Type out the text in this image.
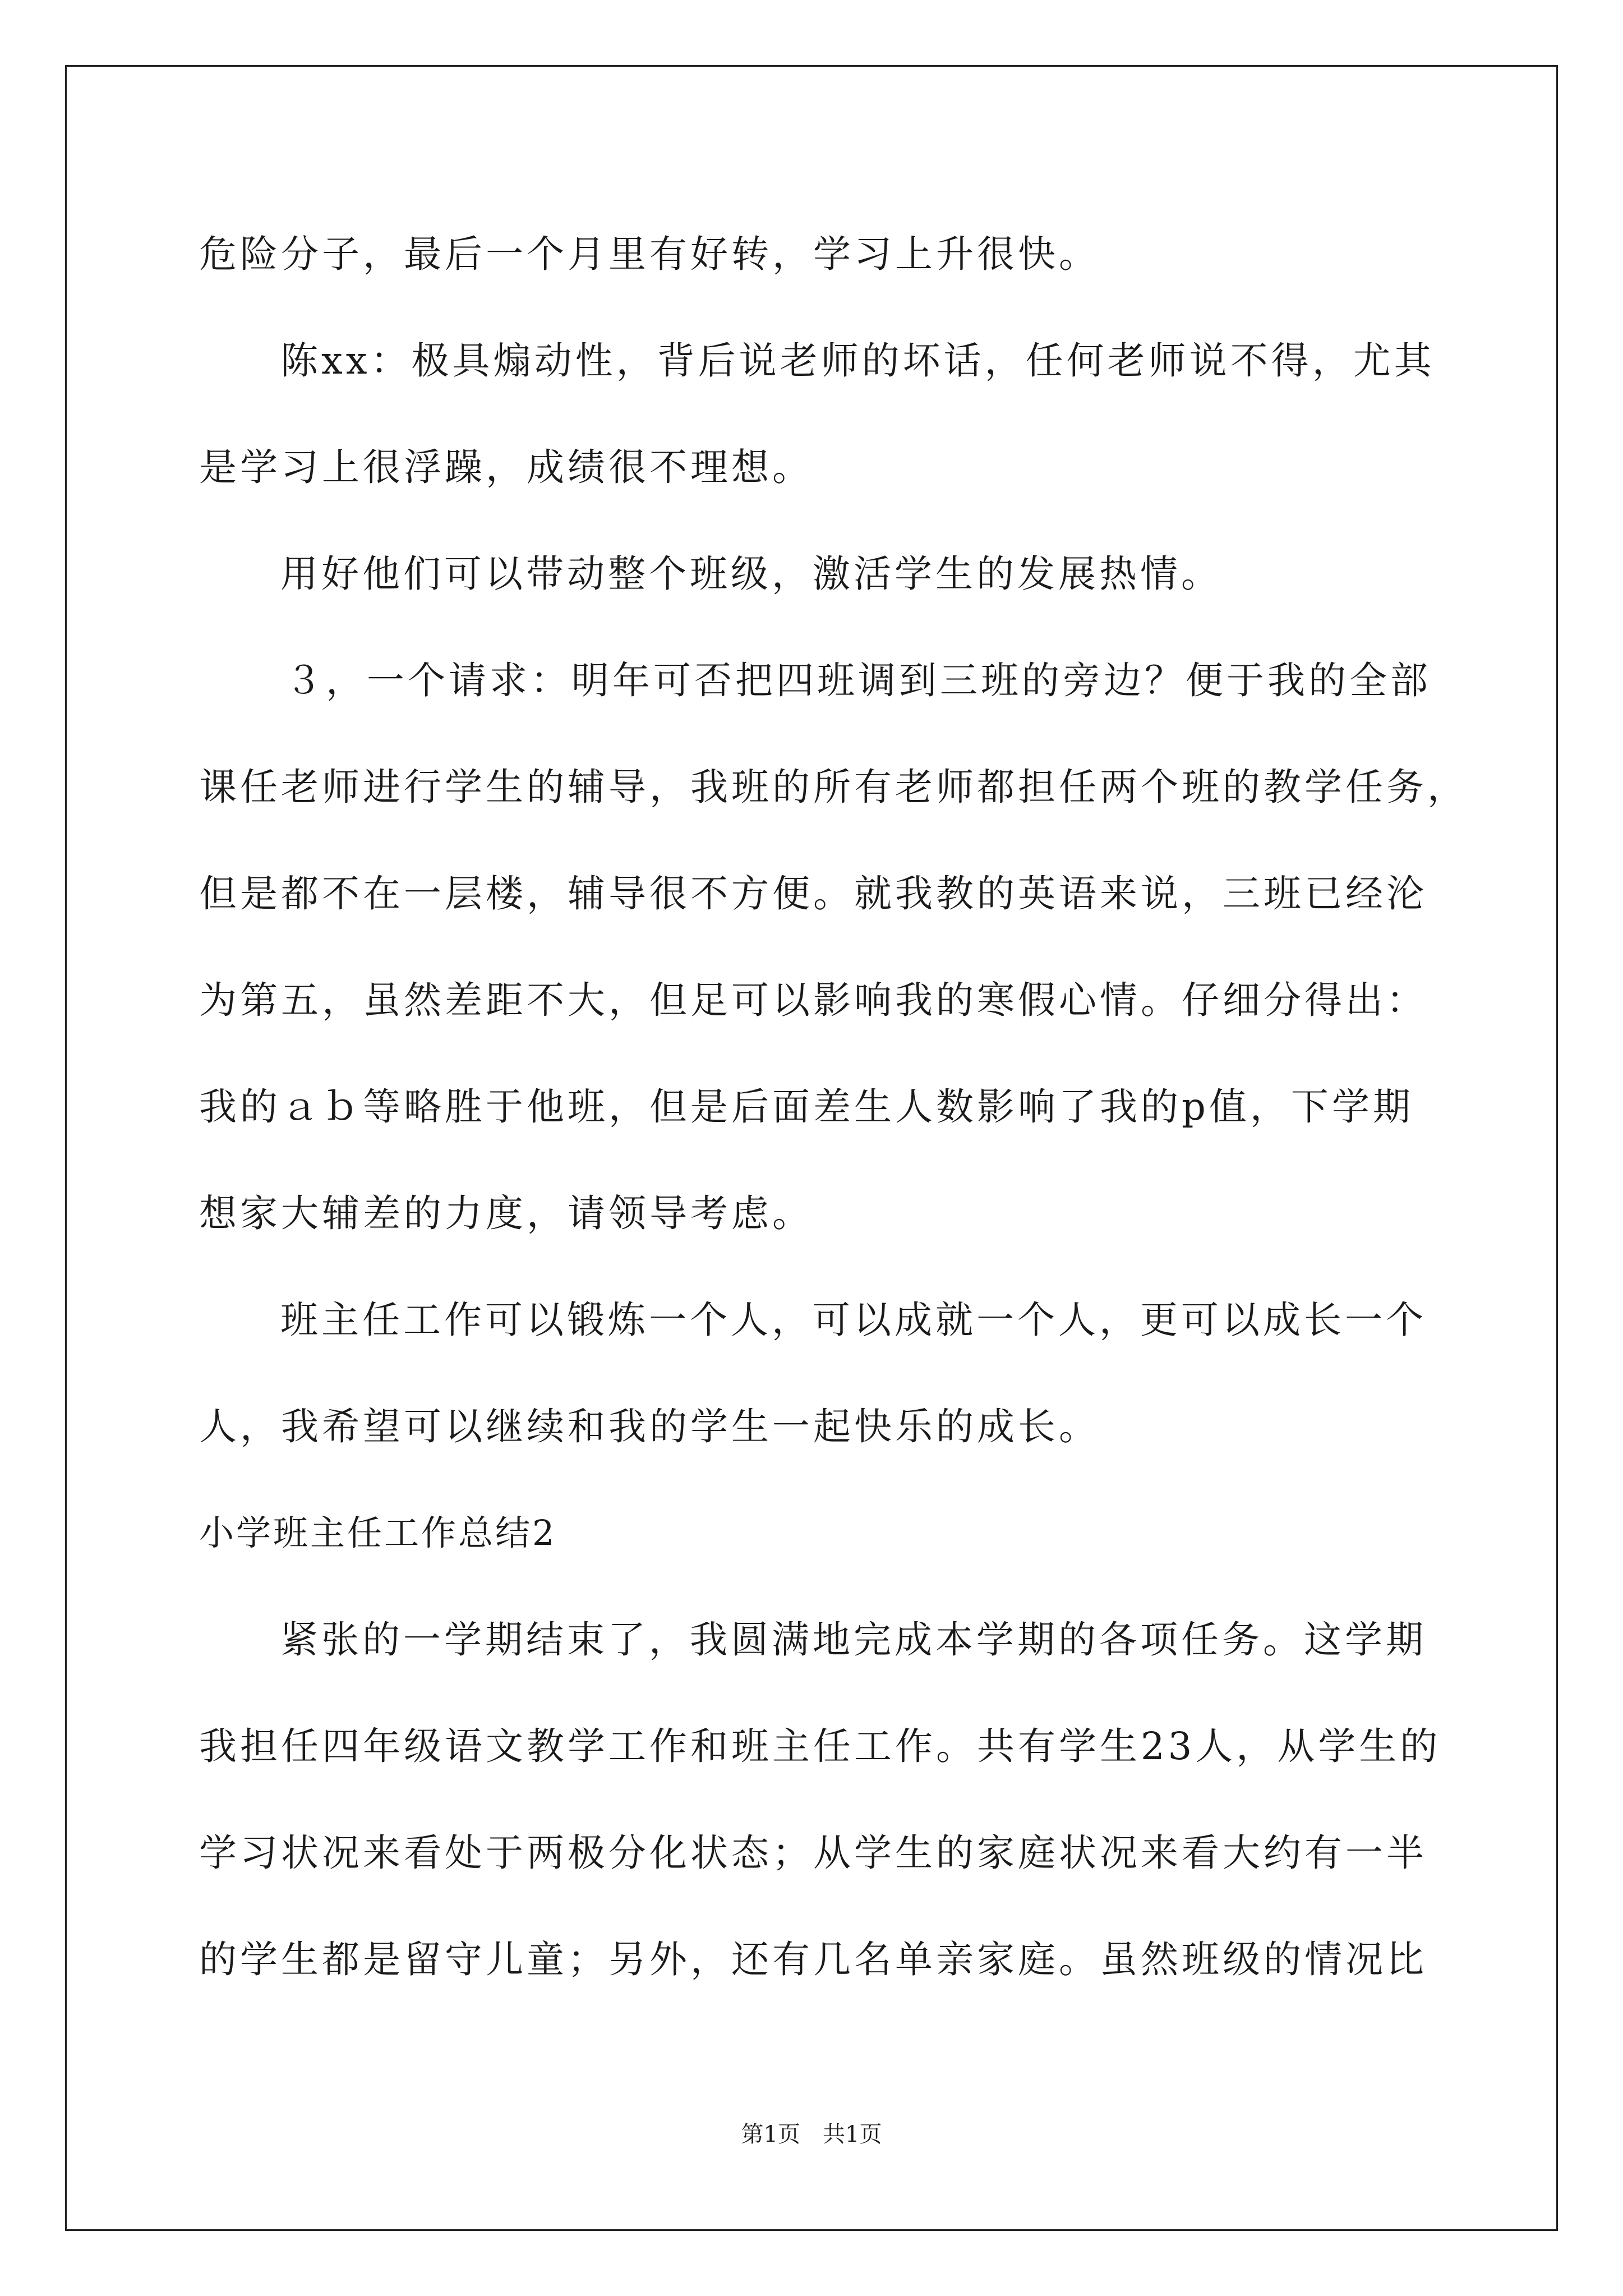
危险分子，最后一个月里有好转，学习上升很快。
陈xx：极具煽动性，背后说老师的坏话，任何老师说不得，尤其
是学习上很浮躁，成绩很不理想。
用好他们可以带动整个班级，激活学生的发展热情。
３，一个请求：明年可否把四班调到三班的旁边？便于我的全部
课任老师进行学生的辅导，我班的所有老师都担任两个班的教学任务，
但是都不在一层楼，辅导很不方便。就我教的英语来说，三班已经沦
为第五，虽然差距不大，但足可以影响我的寒假心情。仔细分得出：
我的ａｂ等略胜于他班，但是后面差生人数影响了我的p值，下学期
想家大辅差的力度，请领导考虑。
班主任工作可以锻炼一个人，可以成就一个人，更可以成长一个
人，我希望可以继续和我的学生一起快乐的成长。
小学班主任工作总结2
紧张的一学期结束了，我圆满地完成本学期的各项任务。这学期
我担任四年级语文教学工作和班主任工作。共有学生23人，从学生的
学习状况来看处于两极分化状态；从学生的家庭状况来看大约有一半
的学生都是留守儿童；另外，还有几名单亲家庭。虽然班级的情况比
第1页　共1页
